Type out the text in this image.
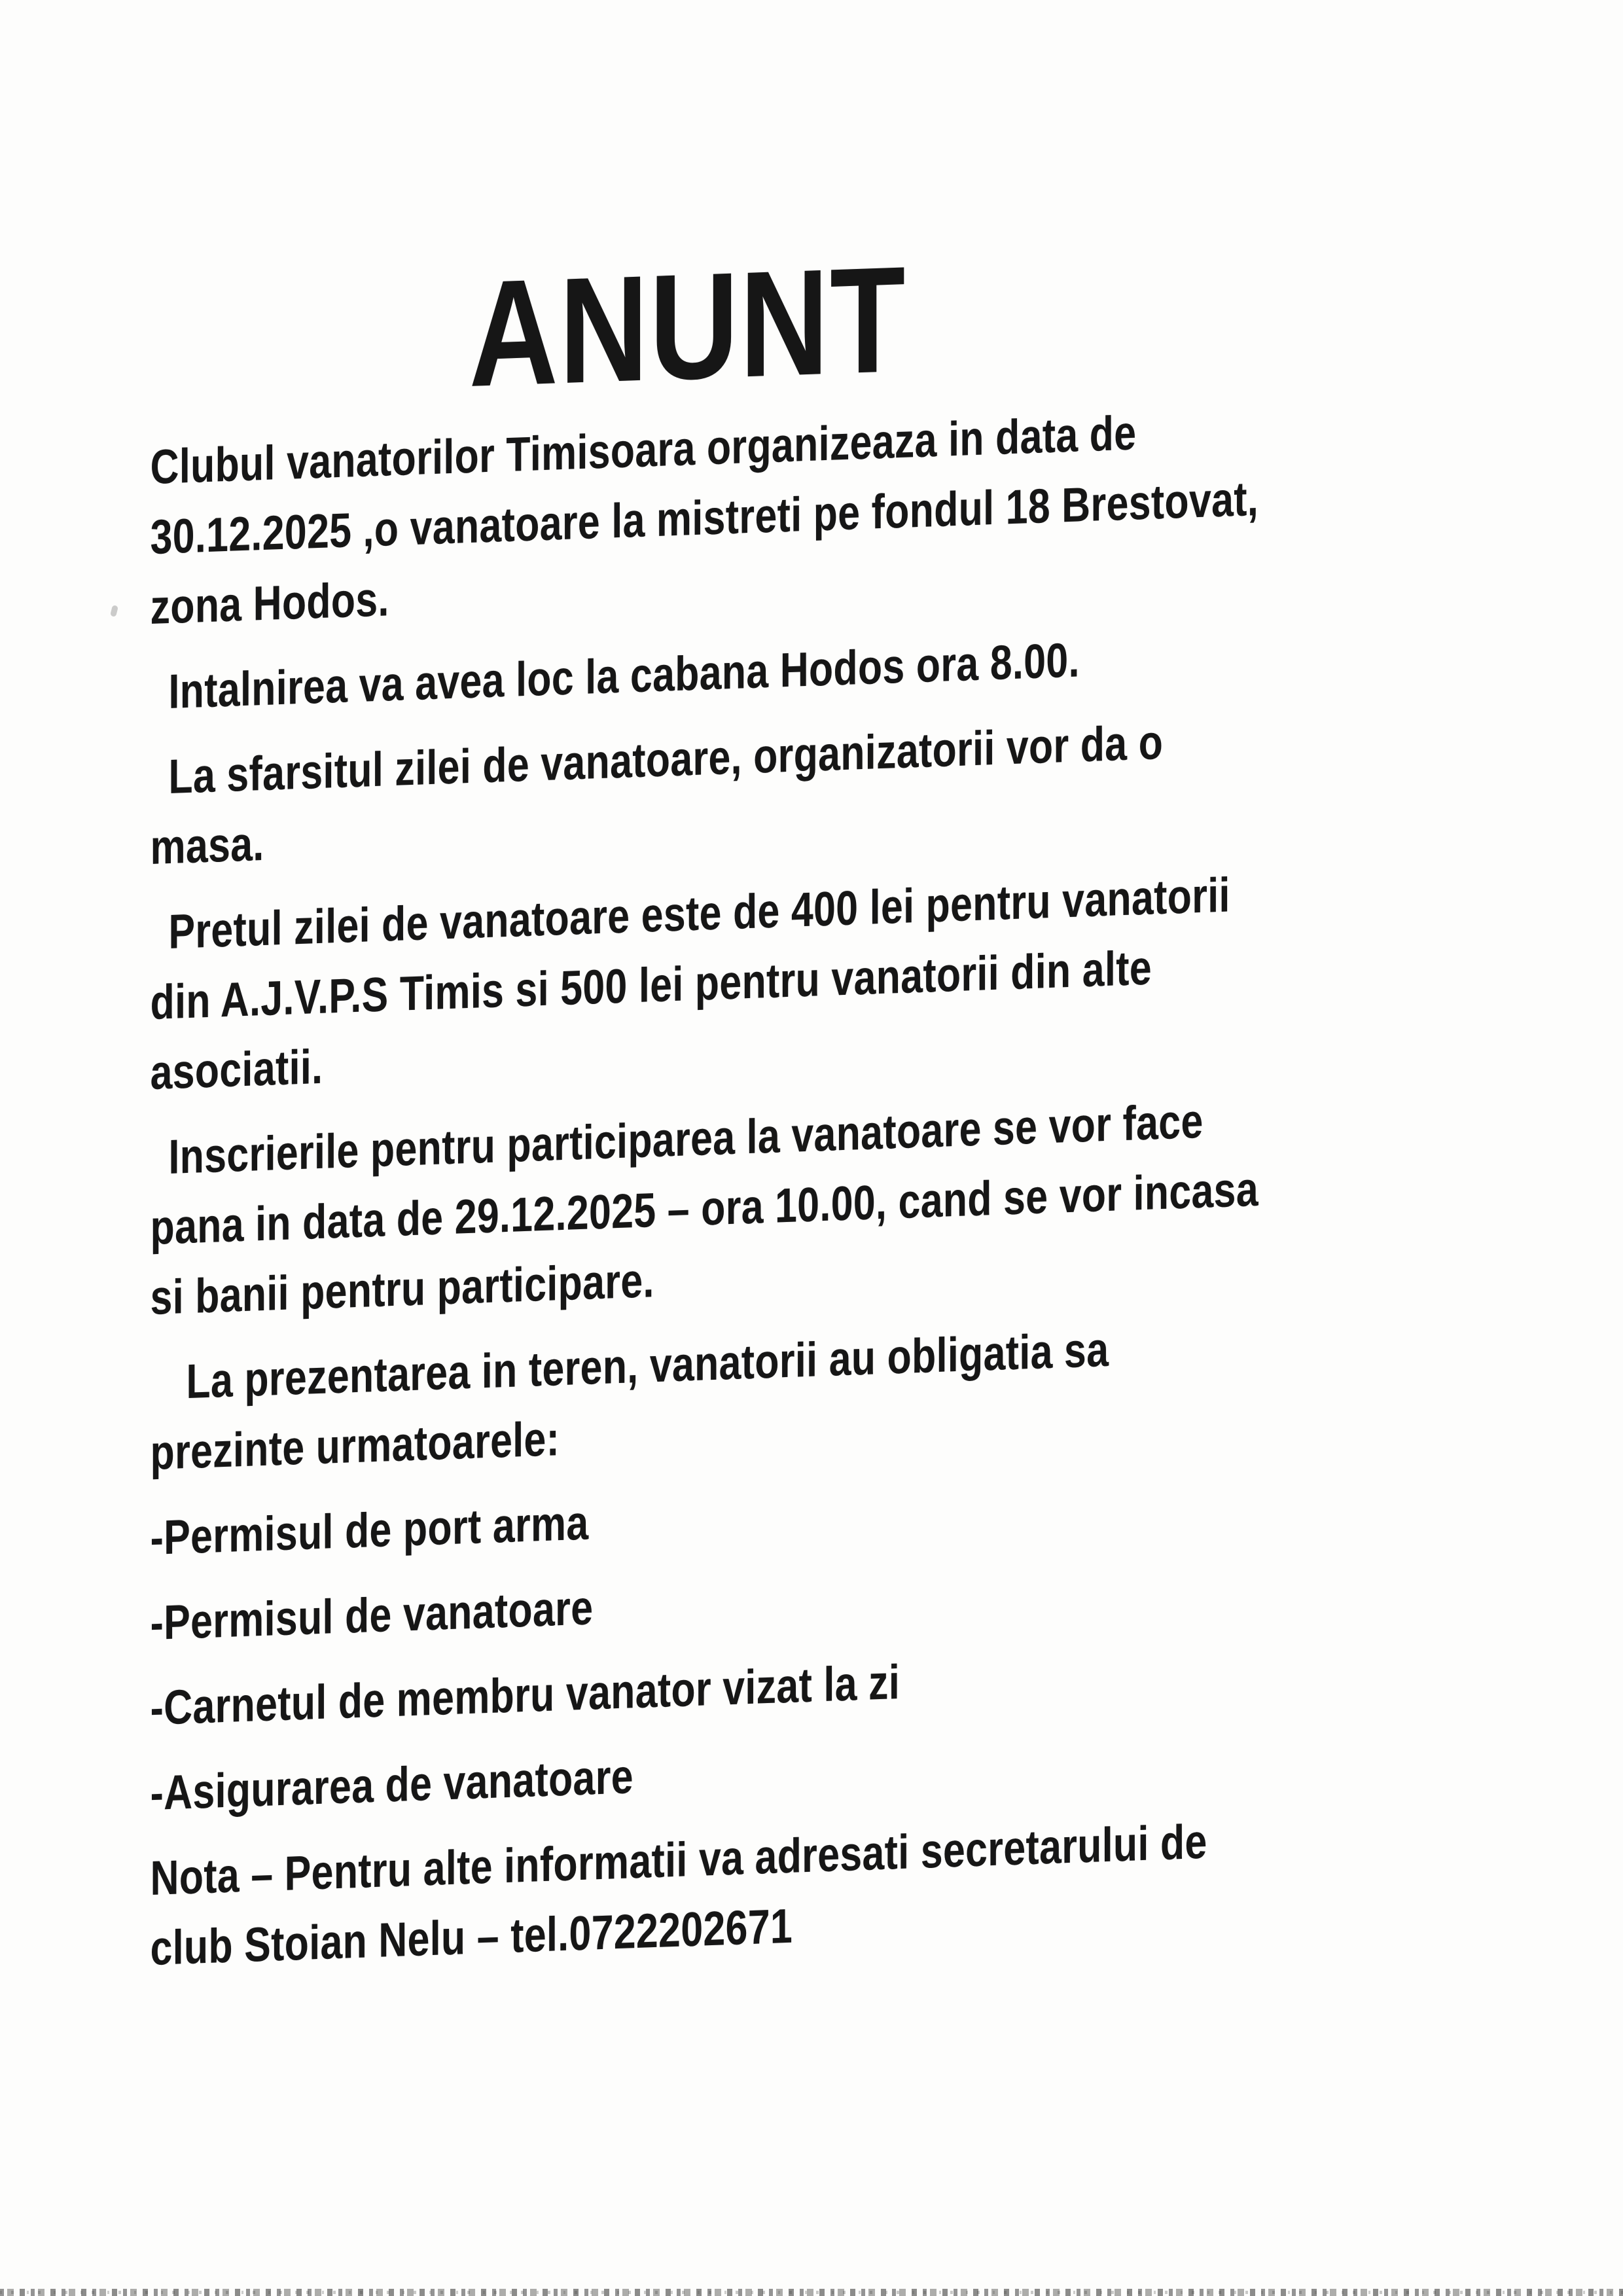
ANUNT

Clubul vanatorilor Timisoara organizeaza in data de
30.12.2025 ,o vanatoare la mistreti pe fondul 18 Brestovat,
zona Hodos.

Intalnirea va avea loc la cabana Hodos ora 8.00.

La sfarsitul zilei de vanatoare, organizatorii vor da o
masa.

Pretul zilei de vanatoare este de 400 lei pentru vanatorii
din A.J.V.P.S Timis si 500 lei pentru vanatorii din alte
asociatii.

Inscrierile pentru participarea la vanatoare se vor face
pana in data de 29.12.2025 – ora 10.00, cand se vor incasa
si banii pentru participare.

La prezentarea in teren, vanatorii au obligatia sa
prezinte urmatoarele:

-Permisul de port arma

-Permisul de vanatoare

-Carnetul de membru vanator vizat la zi

-Asigurarea de vanatoare

Nota – Pentru alte informatii va adresati secretarului de
club Stoian Nelu – tel.0722202671
